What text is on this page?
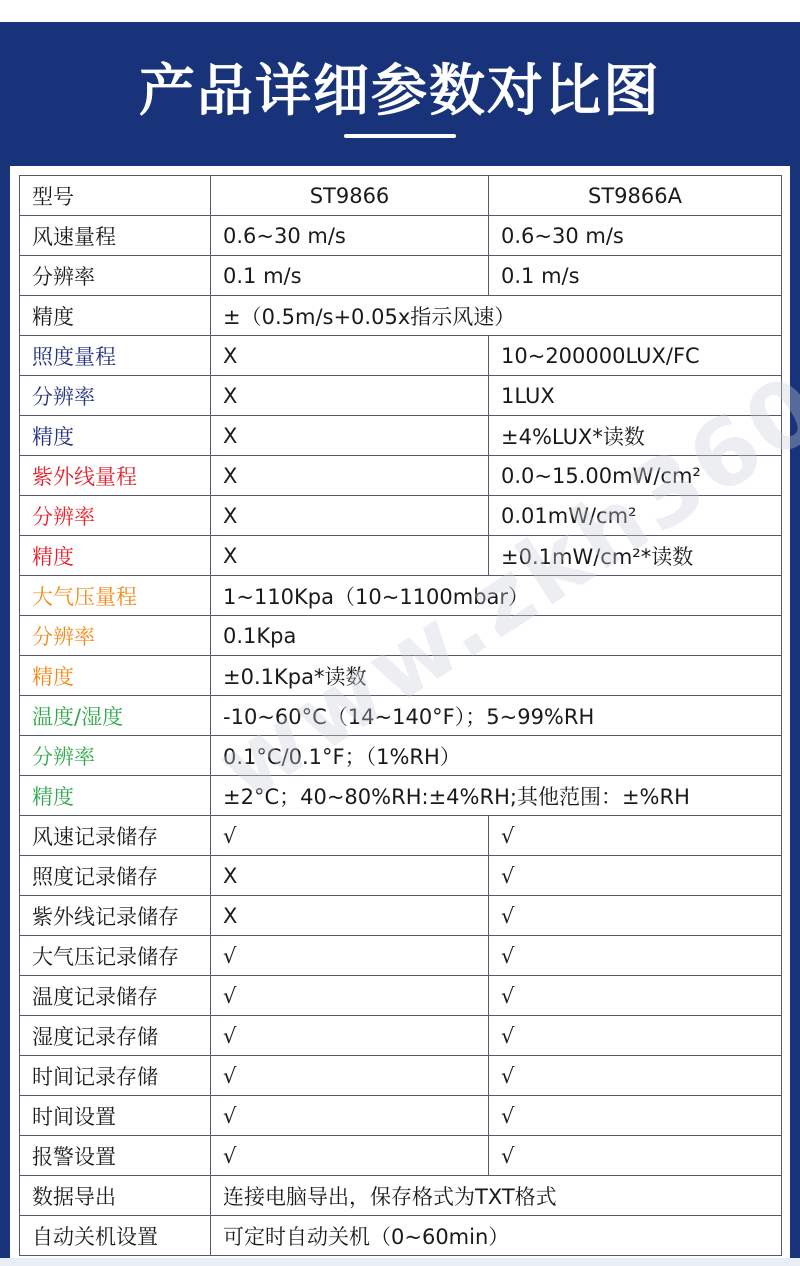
产品详细参数对比图
型号	ST9866	ST9866A
风速量程	0.6~30 m/s	0.6~30 m/s
分辨率	0.1 m/s	0.1 m/s
精度	±（0.5m/s+0.05x指示风速）	
照度量程	X	10~200000LUX/FC
分辨率	X	1LUX
精度	X	±4%LUX*读数
紫外线量程	X	0.0~15.00mW/cm²
分辨率	X	0.01mW/cm²
精度	X	±0.1mW/cm²*读数
大气压量程	1~110Kpa（10~1100mbar）	
分辨率	0.1Kpa	
精度	±0.1Kpa*读数	
温度/湿度	-10~60°C（14~140°F）；5~99%RH	
分辨率	0.1°C/0.1°F；（1%RH）	
精度	±2°C；40~80%RH:±4%RH;其他范围：±%RH	
风速记录储存	√	√
照度记录储存	X	√
紫外线记录储存	X	√
大气压记录储存	√	√
温度记录储存	√	√
湿度记录存储	√	√
时间记录存储	√	√
时间设置	√	√
报警设置	√	√
数据导出	连接电脑导出，保存格式为TXT格式	
自动关机设置	可定时自动关机（0~60min）	
